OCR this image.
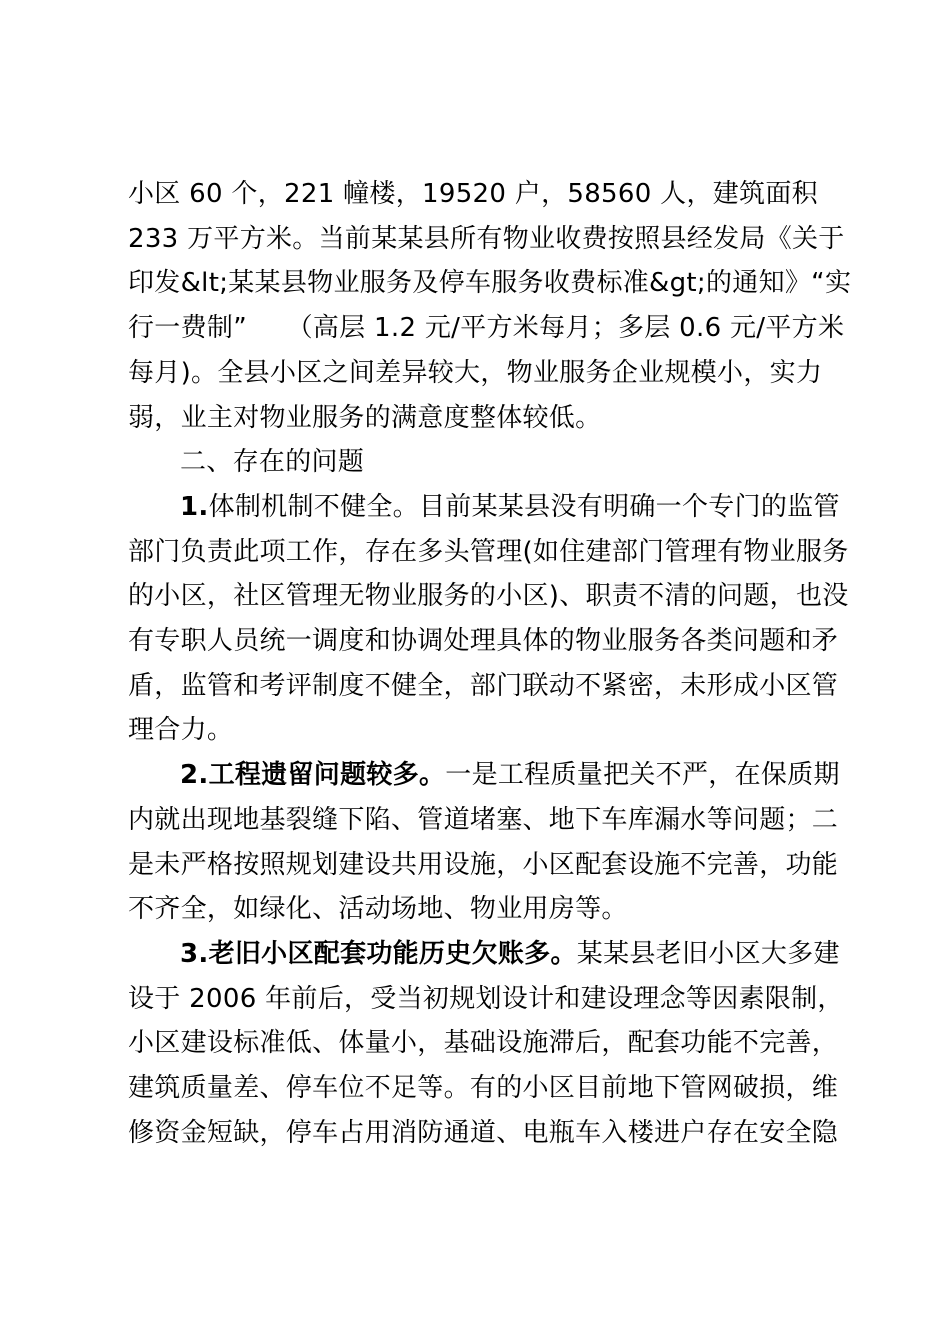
小区 60 个，221 幢楼，19520 户，58560 人，建筑面积
233 万平方米。当前某某县所有物业收费按照县经发局《关于
印发&lt;某某县物业服务及停车服务收费标准&gt;的通知》“实
行一费制”　　（高层 1.2 元/平方米每月；多层 0.6 元/平方米
每月)。全县小区之间差异较大，物业服务企业规模小，实力
弱，业主对物业服务的满意度整体较低。

二、存在的问题

1.体制机制不健全。目前某某县没有明确一个专门的监管
部门负责此项工作，存在多头管理(如住建部门管理有物业服务
的小区，社区管理无物业服务的小区)、职责不清的问题，也没
有专职人员统一调度和协调处理具体的物业服务各类问题和矛
盾，监管和考评制度不健全，部门联动不紧密，未形成小区管
理合力。

2.工程遗留问题较多。一是工程质量把关不严，在保质期
内就出现地基裂缝下陷、管道堵塞、地下车库漏水等问题；二
是未严格按照规划建设共用设施，小区配套设施不完善，功能
不齐全，如绿化、活动场地、物业用房等。

3.老旧小区配套功能历史欠账多。某某县老旧小区大多建
设于 2006 年前后，受当初规划设计和建设理念等因素限制，
小区建设标准低、体量小，基础设施滞后，配套功能不完善，
建筑质量差、停车位不足等。有的小区目前地下管网破损，维
修资金短缺，停车占用消防通道、电瓶车入楼进户存在安全隐
